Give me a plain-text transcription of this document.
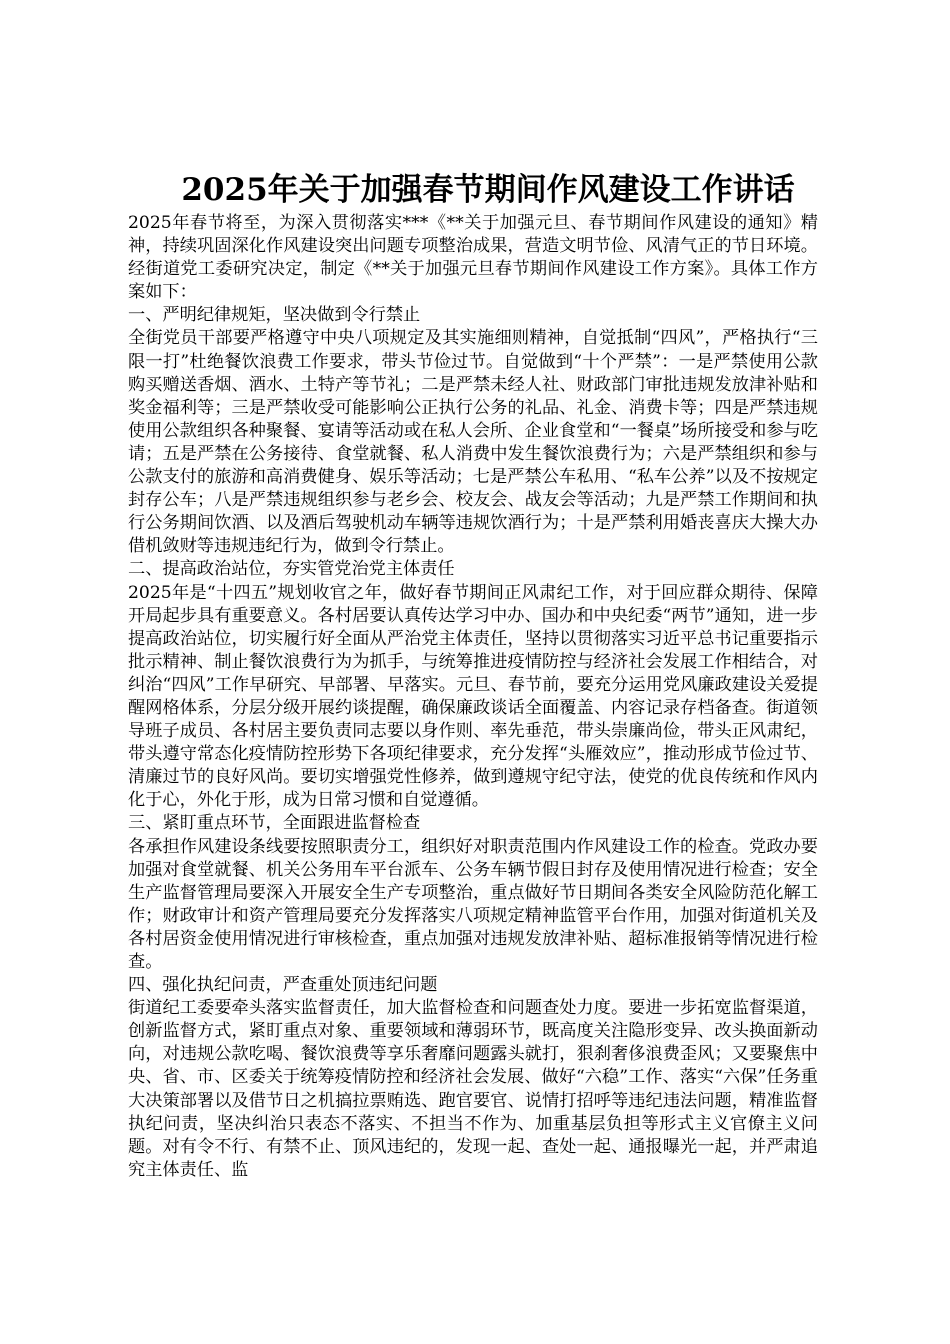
2025年关于加强春节期间作风建设工作讲话

2025年春节将至，为深入贯彻落实***《**关于加强元旦、春节期间作风建设的通知》精神，持续巩固深化作风建设突出问题专项整治成果，营造文明节俭、风清气正的节日环境。经街道党工委研究决定，制定《**关于加强元旦春节期间作风建设工作方案》。具体工作方案如下：

一、严明纪律规矩，坚决做到令行禁止

全街党员干部要严格遵守中央八项规定及其实施细则精神，自觉抵制“四风”，严格执行“三限一打”杜绝餐饮浪费工作要求，带头节俭过节。自觉做到“十个严禁”：一是严禁使用公款购买赠送香烟、酒水、土特产等节礼；二是严禁未经人社、财政部门审批违规发放津补贴和奖金福利等；三是严禁收受可能影响公正执行公务的礼品、礼金、消费卡等；四是严禁违规使用公款组织各种聚餐、宴请等活动或在私人会所、企业食堂和“一餐桌”场所接受和参与吃请；五是严禁在公务接待、食堂就餐、私人消费中发生餐饮浪费行为；六是严禁组织和参与公款支付的旅游和高消费健身、娱乐等活动；七是严禁公车私用、“私车公养”以及不按规定封存公车；八是严禁违规组织参与老乡会、校友会、战友会等活动；九是严禁工作期间和执行公务期间饮酒、以及酒后驾驶机动车辆等违规饮酒行为；十是严禁利用婚丧喜庆大操大办借机敛财等违规违纪行为，做到令行禁止。

二、提高政治站位，夯实管党治党主体责任

2025年是“十四五”规划收官之年，做好春节期间正风肃纪工作，对于回应群众期待、保障开局起步具有重要意义。各村居要认真传达学习中办、国办和中央纪委“两节”通知，进一步提高政治站位，切实履行好全面从严治党主体责任，坚持以贯彻落实习近平总书记重要指示批示精神、制止餐饮浪费行为为抓手，与统筹推进疫情防控与经济社会发展工作相结合，对纠治“四风”工作早研究、早部署、早落实。元旦、春节前，要充分运用党风廉政建设关爱提醒网格体系，分层分级开展约谈提醒，确保廉政谈话全面覆盖、内容记录存档备查。街道领导班子成员、各村居主要负责同志要以身作则、率先垂范，带头崇廉尚俭，带头正风肃纪，带头遵守常态化疫情防控形势下各项纪律要求，充分发挥“头雁效应”，推动形成节俭过节、清廉过节的良好风尚。要切实增强党性修养，做到遵规守纪守法，使党的优良传统和作风内化于心，外化于形，成为日常习惯和自觉遵循。

三、紧盯重点环节，全面跟进监督检查

各承担作风建设条线要按照职责分工，组织好对职责范围内作风建设工作的检查。党政办要加强对食堂就餐、机关公务用车平台派车、公务车辆节假日封存及使用情况进行检查；安全生产监督管理局要深入开展安全生产专项整治，重点做好节日期间各类安全风险防范化解工作；财政审计和资产管理局要充分发挥落实八项规定精神监管平台作用，加强对街道机关及各村居资金使用情况进行审核检查，重点加强对违规发放津补贴、超标准报销等情况进行检查。

四、强化执纪问责，严查重处顶违纪问题

街道纪工委要牵头落实监督责任，加大监督检查和问题查处力度。要进一步拓宽监督渠道，创新监督方式，紧盯重点对象、重要领域和薄弱环节，既高度关注隐形变异、改头换面新动向，对违规公款吃喝、餐饮浪费等享乐奢靡问题露头就打，狠刹奢侈浪费歪风；又要聚焦中央、省、市、区委关于统筹疫情防控和经济社会发展、做好“六稳”工作、落实“六保”任务重大决策部署以及借节日之机搞拉票贿选、跑官要官、说情打招呼等违纪违法问题，精准监督执纪问责，坚决纠治只表态不落实、不担当不作为、加重基层负担等形式主义官僚主义问题。对有令不行、有禁不止、顶风违纪的，发现一起、查处一起、通报曝光一起，并严肃追究主体责任、监
